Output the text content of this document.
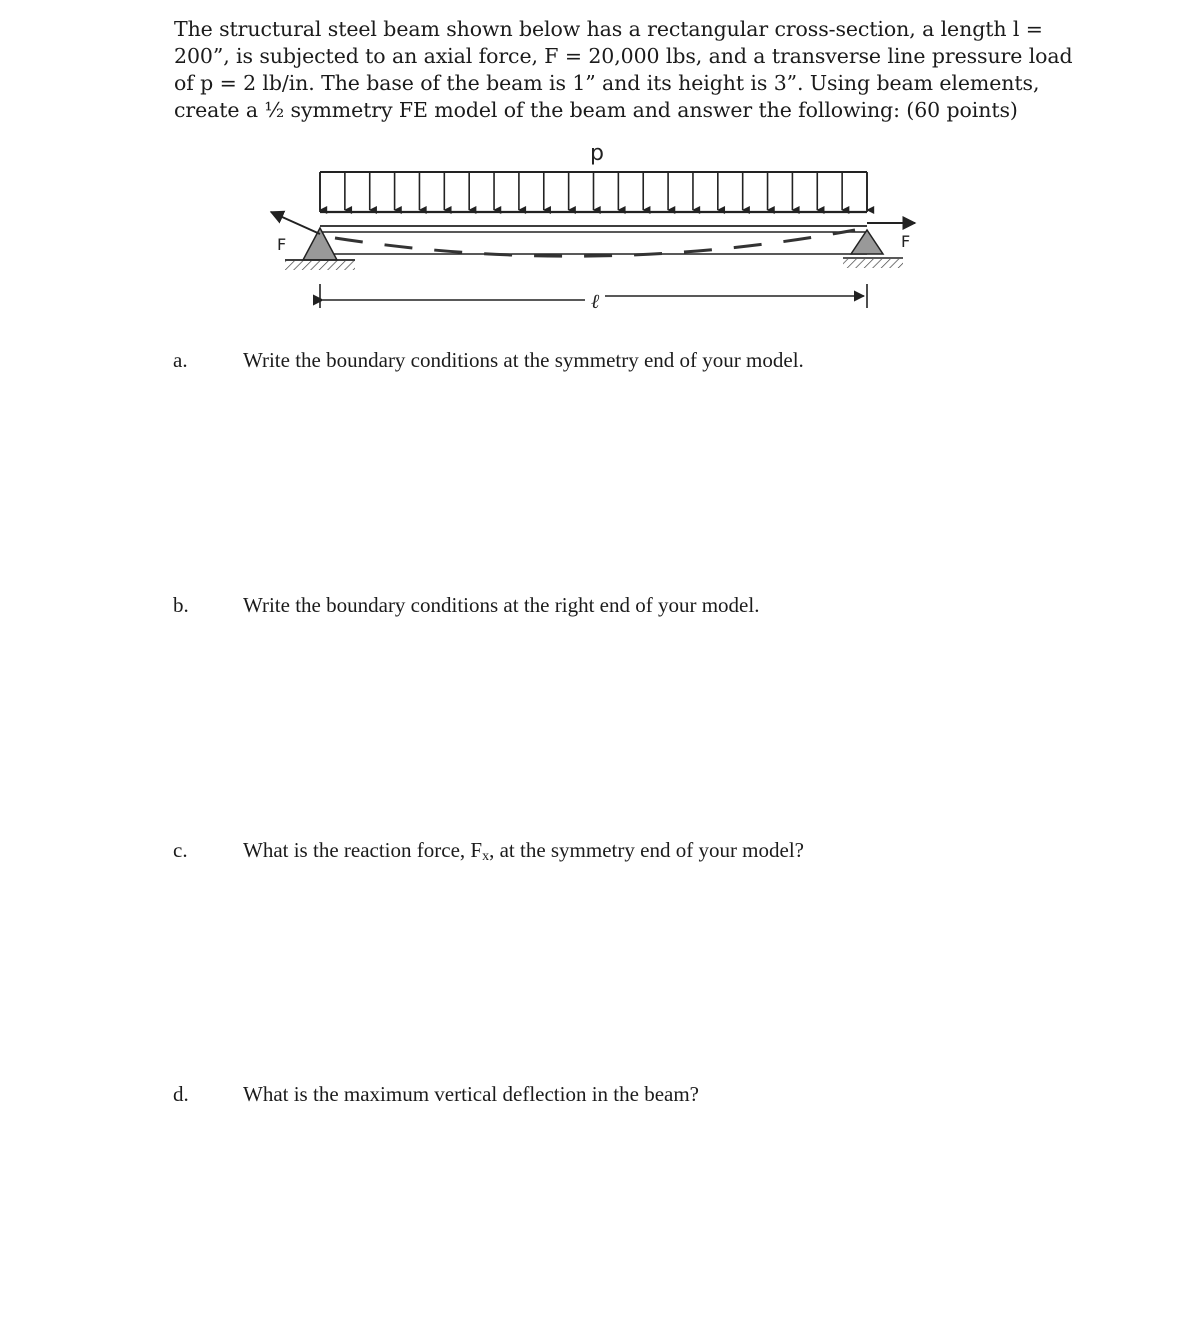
The structural steel beam shown below has a rectangular cross-section, a length l =
200”, is subjected to an axial force, F = 20,000 lbs, and a transverse line pressure load
of p = 2 lb/in. The base of the beam is 1” and its height is 3”. Using beam elements,
create a ½ symmetry FE model of the beam and answer the following: (60 points)
p
F	F
ℓ
a.	Write the boundary conditions at the symmetry end of your model.
b.	Write the boundary conditions at the right end of your model.
c.	What is the reaction force, $F_x$, at the symmetry end of your model?
d.	What is the maximum vertical deflection in the beam?
